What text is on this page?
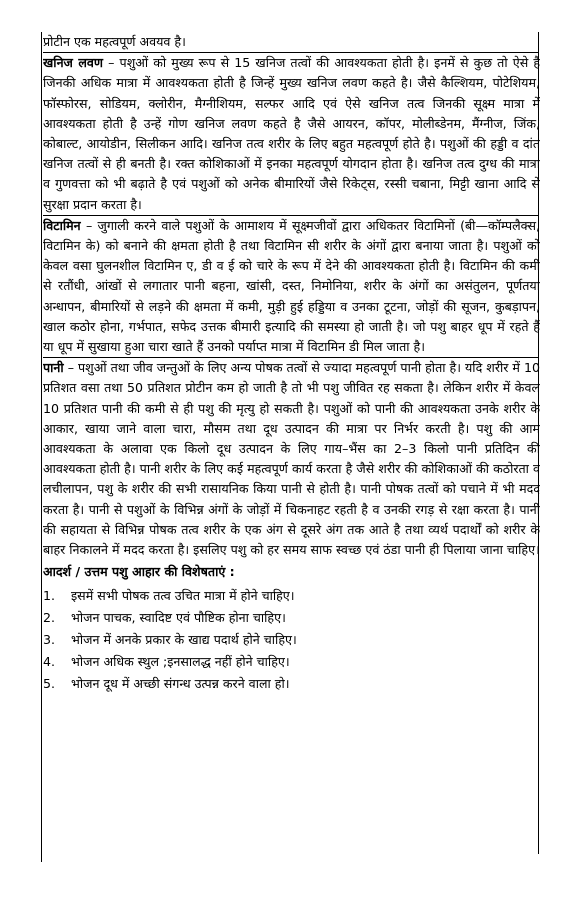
प्रोटीन एक महत्वपूर्ण अवयव है।

खनिज लवण – पशुओं को मुख्य रूप से 15 खनिज तत्वों की आवश्यकता होती है। इनमें से कुछ तो ऐसे है जिनकी अधिक मात्रा में आवश्यकता होती है जिन्हें मुख्य खनिज लवण कहते है। जैसे कैल्शियम, पोटेशियम, फॉस्फोरस, सोडियम, क्लोरीन, मैग्नीशियम, सल्फर आदि एवं ऐसे खनिज तत्व जिनकी सूक्ष्म मात्रा में आवश्यकता होती है उन्हें गोण खनिज लवण कहते है जैसे आयरन, कॉपर, मोलीब्डेनम, मैंग्नीज, जिंक, कोबाल्ट, आयोडीन, सिलीकन आदि। खनिज तत्व शरीर के लिए बहुत महत्वपूर्ण होते है। पशुओं की हड्डी व दांत खनिज तत्वों से ही बनती है। रक्त कोशिकाओं में इनका महत्वपूर्ण योगदान होता है। खनिज तत्व दुग्ध की मात्रा व गुणवत्ता को भी बढ़ाते है एवं पशुओं को अनेक बीमारियों जैसे रिकेट्स, रस्सी चबाना, मिट्टी खाना आदि से सुरक्षा प्रदान करता है।

विटामिन – जुगाली करने वाले पशुओं के आमाशय में सूक्ष्मजीवों द्वारा अधिकतर विटामिनों (बी—कॉम्पलैक्स, विटामिन के) को बनाने की क्षमता होती है तथा विटामिन सी शरीर के अंगों द्वारा बनाया जाता है। पशुओं को केवल वसा घुलनशील विटामिन ए, डी व ई को चारे के रूप में देने की आवश्यकता होती है। विटामिन की कमी से रतौंधी, आंखों से लगातार पानी बहना, खांसी, दस्त, निमोनिया, शरीर के अंगों का असंतुलन, पूर्णतया अन्धापन, बीमारियों से लड़ने की क्षमता में कमी, मुड़ी हुई हड्डिया व उनका टूटना, जोड़ों की सूजन, कुबड़ापन, खाल कठोर होना, गर्भपात, सफेद उत्तक बीमारी इत्यादि की समस्या हो जाती है। जो पशु बाहर धूप में रहते हैं या धूप में सुखाया हुआ चारा खाते हैं उनको पर्याप्त मात्रा में विटामिन डी मिल जाता है।

पानी – पशुओं तथा जीव जन्तुओं के लिए अन्य पोषक तत्वों से ज्यादा महत्वपूर्ण पानी होता है। यदि शरीर में 10 प्रतिशत वसा तथा 50 प्रतिशत प्रोटीन कम हो जाती है तो भी पशु जीवित रह सकता है। लेकिन शरीर में केवल 10 प्रतिशत पानी की कमी से ही पशु की मृत्यु हो सकती है। पशुओं को पानी की आवश्यकता उनके शरीर के आकार, खाया जाने वाला चारा, मौसम तथा दूध उत्पादन की मात्रा पर निर्भर करती है। पशु की आम आवश्यकता के अलावा एक किलो दूध उत्पादन के लिए गाय–भैंस का 2–3 किलो पानी प्रतिदिन की आवश्यकता होती है। पानी शरीर के लिए कई महत्वपूर्ण कार्य करता है जैसे शरीर की कोशिकाओं की कठोरता व लचीलापन, पशु के शरीर की सभी रासायनिक किया पानी से होती है। पानी पोषक तत्वों को पचाने में भी मदद करता है। पानी से पशुओं के विभिन्न अंगों के जोड़ों में चिकनाहट रहती है व उनकी रगड़ से रक्षा करता है। पानी की सहायता से विभिन्न पोषक तत्व शरीर के एक अंग से दूसरे अंग तक आते है तथा व्यर्थ पदार्थों को शरीर के बाहर निकालने में मदद करता है। इसलिए पशु को हर समय साफ स्वच्छ एवं ठंडा पानी ही पिलाया जाना चाहिए।

आदर्श / उत्तम पशु आहार की विशेषताएं :

1.	इसमें सभी पोषक तत्व उचित मात्रा में होने चाहिए।
2.	भोजन पाचक, स्वादिष्ट एवं पौष्टिक होना चाहिए।
3.	भोजन में अनके प्रकार के खाद्य पदार्थ होने चाहिए।
4.	भोजन अधिक स्थुल ;इनसालद्ध नहीं होने चाहिए।
5.	भोजन दूध में अच्छी संगन्ध उत्पन्न करने वाला हो।
